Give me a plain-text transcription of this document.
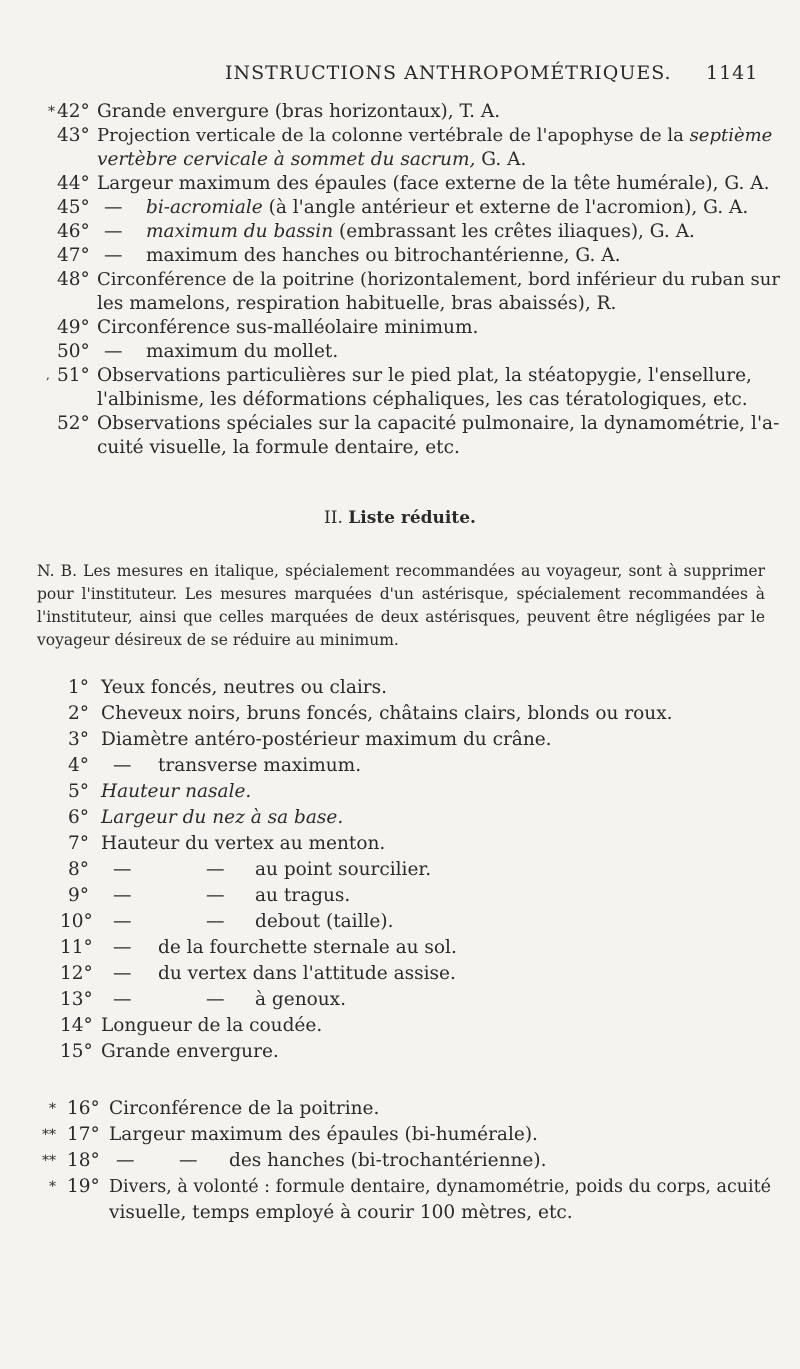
INSTRUCTIONS ANTHROPOMÉTRIQUES. 1141
* 42° Grande envergure (bras horizontaux), T. A.
43° Projection verticale de la colonne vertébrale de l'apophyse de la septième
vertèbre cervicale à sommet du sacrum, G. A.
44° Largeur maximum des épaules (face externe de la tête humérale), G. A.
45° — bi-acromiale (à l'angle antérieur et externe de l'acromion), G. A.
46° — maximum du bassin (embrassant les crêtes iliaques), G. A.
47° — maximum des hanches ou bitrochantérienne, G. A.
48° Circonférence de la poitrine (horizontalement, bord inférieur du ruban sur
les mamelons, respiration habituelle, bras abaissés), R.
49° Circonférence sus-malléolaire minimum.
50° — maximum du mollet.
, 51° Observations particulières sur le pied plat, la stéatopygie, l'ensellure,
l'albinisme, les déformations céphaliques, les cas tératologiques, etc.
52° Observations spéciales sur la capacité pulmonaire, la dynamométrie, l'a-
cuité visuelle, la formule dentaire, etc.
II. Liste réduite.
N. B. Les mesures en italique, spécialement recommandées au voyageur, sont à supprimer pour l'instituteur. Les mesures marquées d'un astérisque, spécialement recommandées à l'instituteur, ainsi que celles marquées de deux astérisques, peuvent être négligées par le voyageur désireux de se réduire au minimum.
1° Yeux foncés, neutres ou clairs.
2° Cheveux noirs, bruns foncés, châtains clairs, blonds ou roux.
3° Diamètre antéro-postérieur maximum du crâne.
4° — transverse maximum.
5° Hauteur nasale.
6° Largeur du nez à sa base.
7° Hauteur du vertex au menton.
8° —	— au point sourcilier.
9° —	— au tragus.
10° —	— debout (taille).
11° — de la fourchette sternale au sol.
12° — du vertex dans l'attitude assise.
13° —	— à genoux.
14° Longueur de la coudée.
15° Grande envergure.
* 16° Circonférence de la poitrine.
** 17° Largeur maximum des épaules (bi-humérale).
** 18° — — des hanches (bi-trochantérienne).
* 19° Divers, à volonté : formule dentaire, dynamométrie, poids du corps, acuité
visuelle, temps employé à courir 100 mètres, etc.
